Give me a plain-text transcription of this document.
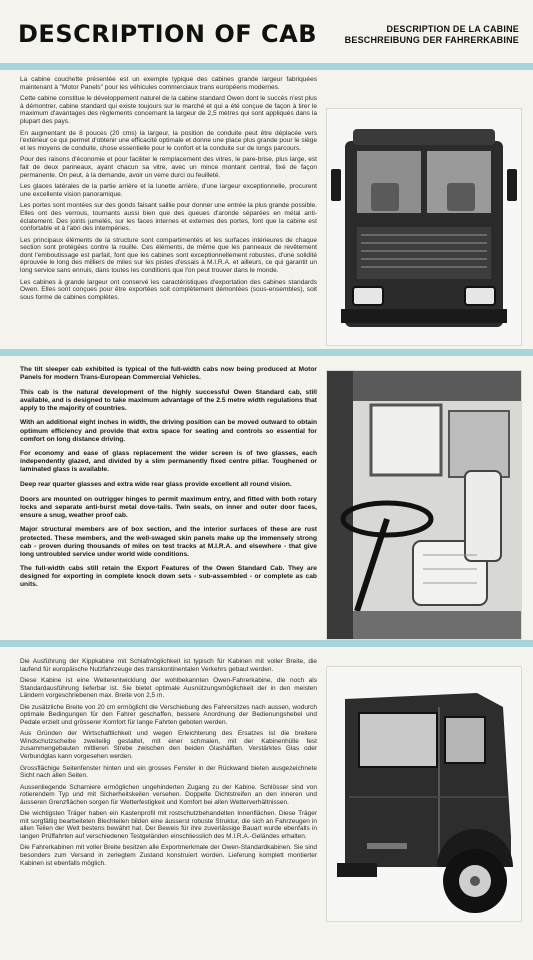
DESCRIPTION OF CAB	DESCRIPTION DE LA CABINE
BESCHREIBUNG DER FAHRERKABINE

La cabine couchette présentée est un exemple typique des cabines grande largeur fabriquées maintenant à "Motor Panels" pour les véhicules commerciaux trans européens modernes.

Cette cabine constitue le développement naturel de la cabine standard Owen dont le succès n'est plus à démontrer, cabine standard qui existe toujours sur le marché et qui a été conçue de façon à tirer le maximum d'avantages des règlements concernant la largeur de 2,5 mètres qui sont appliqués dans la plupart des pays.

En augmentant de 8 pouces (20 cms) la largeur, la position de conduite peut être déplacée vers l'extérieur ce qui permet d'obtenir une efficacité optimale et donne une place plus grande pour le siège et les moyens de conduite, chose essentielle pour le confort et la conduite sur de longs parcours.

Pour des raisons d'économie et pour faciliter le remplacement des vitres, le pare-brise, plus large, est fait de deux panneaux, ayant chacun sa vitre, avec un mince montant central, fixé de façon permanente. On peut, à la demande, avoir un verre durci ou feuilleté.

Les glaces latérales de la partie arrière et la lunette arrière, d'une largeur exceptionnelle, procurent une excellente vision panoramique.

Les portes sont montées sur des gonds faisant saillie pour donner une entrée la plus grande possible. Elles ont des verrous, tournants aussi bien que des queues d'aronde séparées en métal anti-éclatement. Des joints jumelés, sur les faces internes et externes des portes, font que la cabine est confortable et à l'abri des intempéries.

Les principaux éléments de la structure sont compartimentés et les surfaces intérieures de chaque section sont protégées contre la rouille. Ces éléments, de même que les panneaux de revêtement dont l'emboutissage est parfait, font que les cabines sont exceptionnellement robustes, d'une solidité éprouvée le long des milliers de miles sur les pistes d'essais à M.I.R.A. et ailleurs, ce qui garantit un long service sans ennuis, dans toutes les conditions que l'on peut trouver dans le monde.

Les cabines à grande largeur ont conservé les caractéristiques d'exportation des cabines standards Owen. Elles sont conçues pour être exportées soit complètement démontées (sous-ensembles), soit sous forme de cabines complètes.

The tilt sleeper cab exhibited is typical of the full-width cabs now being produced at Motor Panels for modern Trans-European Commercial Vehicles.

This cab is the natural development of the highly successful Owen Standard cab, still available, and is designed to take maximum advantage of the 2.5 metre width regulations that apply to the majority of countries.

With an additional eight inches in width, the driving position can be moved outward to obtain optimum efficiency and provide that extra space for seating and controls so essential for comfort on long distance driving.

For economy and ease of glass replacement the wider screen is of two glasses, each independently glazed, and divided by a slim permanently fixed centre pillar. Toughened or laminated glass is available.

Deep rear quarter glasses and extra wide rear glass provide excellent all round vision.

Doors are mounted on outrigger hinges to permit maximum entry, and fitted with both rotary locks and separate anti-burst metal dove-tails. Twin seals, on inner and outer door faces, ensure a snug, weather proof cab.

Major structural members are of box section, and the interior surfaces of these are rust protected. These members, and the well-swaged skin panels make up the immensely strong cab - proven during thousands of miles on test tracks at M.I.R.A. and elsewhere - that give long untroubled service under world wide conditions.

The full-width cabs still retain the Export Features of the Owen Standard Cab. They are designed for exporting in complete knock down sets - sub-assembled - or complete as cab units.

Die Ausführung der Kippkabine mit Schlafmöglichkeit ist typisch für Kabinen mit voller Breite, die laufend für europäische Nutzfahrzeuge des transkontinentalen Verkehrs gebaut werden.

Diese Kabine ist eine Weiterentwicklung der wohlbekannten Owen-Fahrerkabine, die noch als Standardausführung lieferbar ist. Sie bietet optimale Ausnützungsmöglichkeit der in den meisten Ländern vorgeschriebenen max. Breite von 2,5 m.

Die zusätzliche Breite von 20 cm ermöglicht die Verschiebung des Fahrersitzes nach aussen, wodurch optimale Bedingungen für den Fahrer geschaffen, bessere Anordnung der Bedienungshebel und Pedale erzielt und grösserer Komfort für lange Fahrten geboten werden.

Aus Gründen der Wirtschaftlichkeit und wegen Erleichterung des Ersatzes ist die breitere Windschutzscheibe zweiteilig gestaltet, mit einer schmalen, mit der Kabinenhülle fest zusammengebauten mittleren Strebe zwischen den beiden Glashälften. Verstärktes Glas oder Verbundglas kann vorgesehen werden.

Grossflächige Seitenfenster hinten und ein grosses Fenster in der Rückwand bieten ausgezeichnete Sicht nach allen Seiten.

Aussenliegende Scharniere ermöglichen ungehinderten Zugang zu der Kabine. Schlösser sind von rotierendem Typ und mit Sicherheitskeilen versehen. Doppelte Dichtstreifen an den inneren und äusseren Grenzflächen sorgen für Wetterfestigkeit und Komfort bei allen Wetterverhältnissen.

Die wichtigsten Träger haben ein Kastenprofil mit rostschutzbehandelten Innenflächen. Diese Träger mit sorgfältig bearbeiteten Blechteilen bilden eine äusserst robuste Struktur, die sich an Fahrzeugen in allen Teilen der Welt bestens bewährt hat. Der Beweis für ihre zuverlässige Bauart wurde ebenfalls in langen Prüffahrten auf verschiedenen Testgeländen einschliesslich des M.I.R.A.-Geländes erhalten.

Die Fahrerkabinen mit voller Breite besitzen alle Exportmerkmale der Owen-Standardkabinen. Sie sind besonders zum Versand in zerlegtem Zustand konstruiert worden. Lieferung komplett montierter Kabinen ist ebenfalls möglich.
